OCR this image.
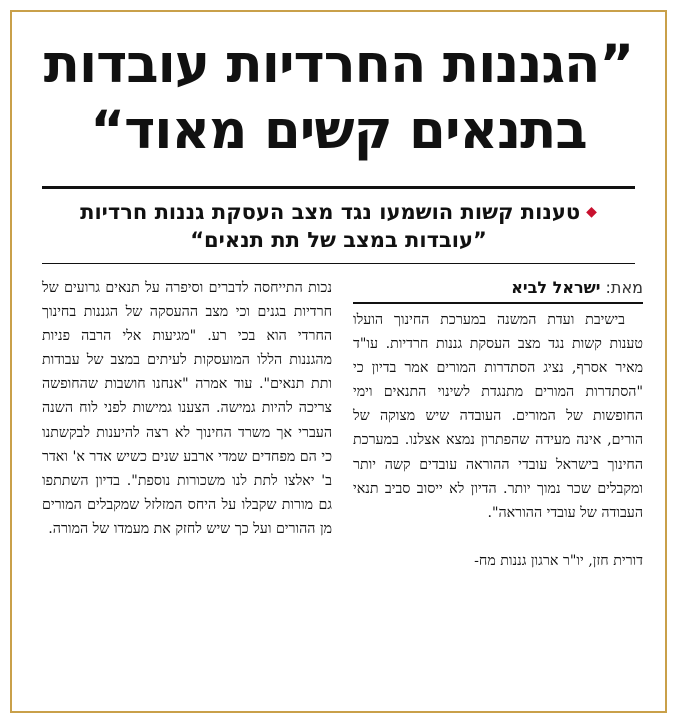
”הגננות החרדיות עובדות
בתנאים קשים מאוד“
◆טענות קשות הושמעו נגד מצב העסקת גננות חרדיות
”עובדות במצב של תת תנאים“
מאת: ישראל לביא

בישיבת ועדת המשנה במערכת החינוך הועלו טענות קשות נגד מצב העסקת גננות חרדיות. עו"ד מאיר אסרף, נציג הסתדרות המורים אמר בדיון כי "הסתדרות המורים מתנגדת לשינוי התנאים וימי החופשות של המורים. העובדה שיש מצוקה של הורים, אינה מעידה שהפתרון נמצא אצלנו. במערכת החינוך בישראל עובדי ההוראה עובדים קשה יותר ומקבלים שכר נמוך יותר. הדיון לא ייסוב סביב תנאי העבודה של עובדי ההוראה".

דורית חזן, יו"ר ארגון גננות מח-

נכות התייחסה לדברים וסיפרה על תנאים גרועים של חרדיות בגנים וכי מצב ההעסקה של הגננות בחינוך החרדי הוא בכי רע. "מגיעות אלי הרבה פניות מהגננות הללו המועסקות לעיתים במצב של עבודות ותת תנאים". עוד אמרה "אנחנו חושבות שהחופשה צריכה להיות גמישה. הצענו גמישות לפני לוח השנה העברי אך משרד החינוך לא רצה להיענות לבקשתנו כי הם מפחדים שמדי ארבע שנים כשיש אדר א' ואדר ב' יאלצו לתת לנו משכורות נוספת". בדיון השתתפו גם מורות שקבלו על היחס המזלזל שמקבלים המורים מן ההורים ועל כך שיש לחזק את מעמדו של המורה.
